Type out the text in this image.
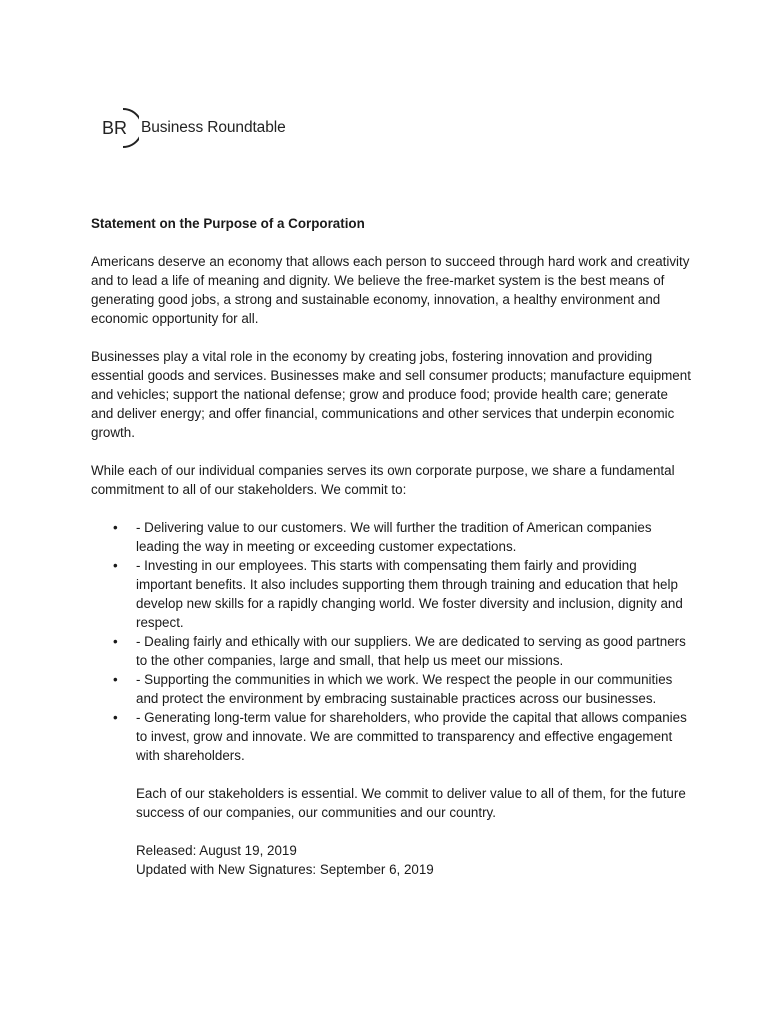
BR Business Roundtable

Statement on the Purpose of a Corporation

Americans deserve an economy that allows each person to succeed through hard work and creativity and to lead a life of meaning and dignity. We believe the free-market system is the best means of generating good jobs, a strong and sustainable economy, innovation, a healthy environment and economic opportunity for all.

Businesses play a vital role in the economy by creating jobs, fostering innovation and providing essential goods and services. Businesses make and sell consumer products; manufacture equipment and vehicles; support the national defense; grow and produce food; provide health care; generate and deliver energy; and offer financial, communications and other services that underpin economic growth.

While each of our individual companies serves its own corporate purpose, we share a fundamental commitment to all of our stakeholders. We commit to:

• - Delivering value to our customers. We will further the tradition of American companies leading the way in meeting or exceeding customer expectations.
• - Investing in our employees. This starts with compensating them fairly and providing important benefits. It also includes supporting them through training and education that help develop new skills for a rapidly changing world. We foster diversity and inclusion, dignity and respect.
• - Dealing fairly and ethically with our suppliers. We are dedicated to serving as good partners to the other companies, large and small, that help us meet our missions.
• - Supporting the communities in which we work. We respect the people in our communities and protect the environment by embracing sustainable practices across our businesses.
• - Generating long-term value for shareholders, who provide the capital that allows companies to invest, grow and innovate. We are committed to transparency and effective engagement with shareholders.

Each of our stakeholders is essential. We commit to deliver value to all of them, for the future success of our companies, our communities and our country.

Released: August 19, 2019

Updated with New Signatures: September 6, 2019
